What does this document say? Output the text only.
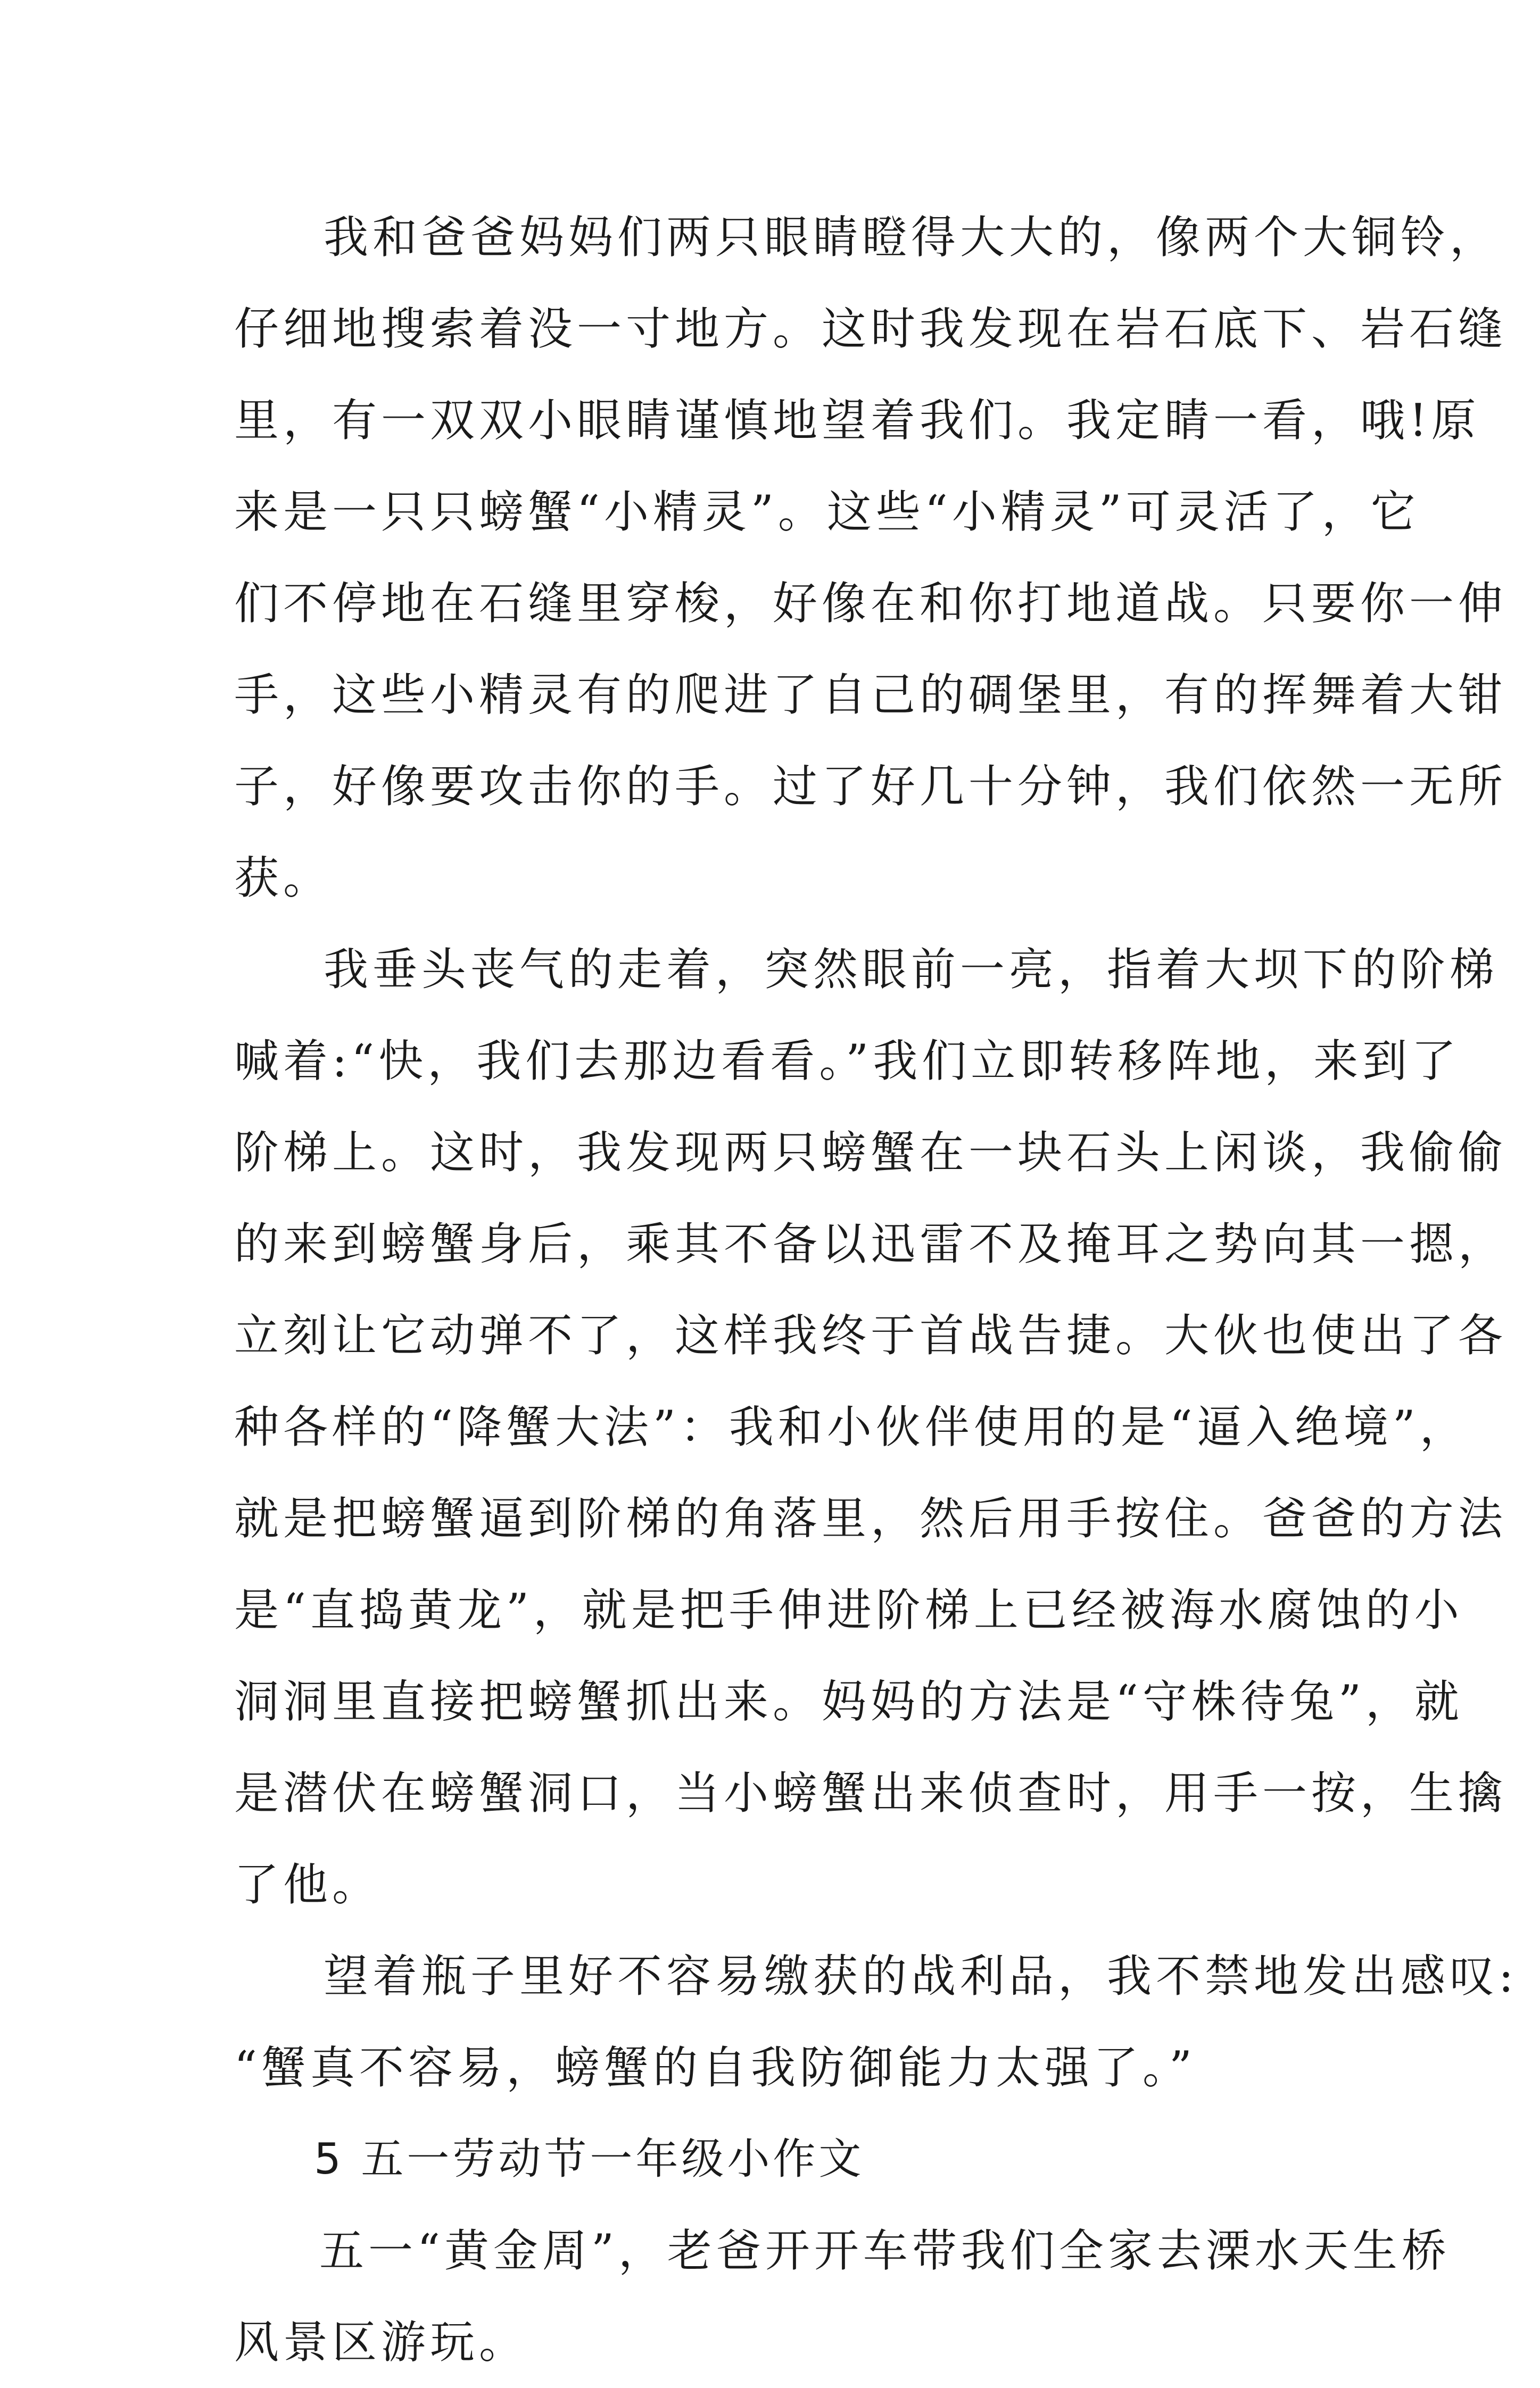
我和爸爸妈妈们两只眼睛瞪得大大的，像两个大铜铃，
仔细地搜索着没一寸地方。这时我发现在岩石底下、岩石缝
里，有一双双小眼睛谨慎地望着我们。我定睛一看，哦!原
来是一只只螃蟹“小精灵”。这些“小精灵”可灵活了，它
们不停地在石缝里穿梭，好像在和你打地道战。只要你一伸
手，这些小精灵有的爬进了自己的碉堡里，有的挥舞着大钳
子，好像要攻击你的手。过了好几十分钟，我们依然一无所
获。
我垂头丧气的走着，突然眼前一亮，指着大坝下的阶梯
喊着:“快，我们去那边看看。”我们立即转移阵地，来到了
阶梯上。这时，我发现两只螃蟹在一块石头上闲谈，我偷偷
的来到螃蟹身后，乘其不备以迅雷不及掩耳之势向其一摁，
立刻让它动弹不了，这样我终于首战告捷。大伙也使出了各
种各样的“降蟹大法”：我和小伙伴使用的是“逼入绝境”，
就是把螃蟹逼到阶梯的角落里，然后用手按住。爸爸的方法
是“直捣黄龙”，就是把手伸进阶梯上已经被海水腐蚀的小
洞洞里直接把螃蟹抓出来。妈妈的方法是“守株待兔”，就
是潜伏在螃蟹洞口，当小螃蟹出来侦查时，用手一按，生擒
了他。
望着瓶子里好不容易缴获的战利品，我不禁地发出感叹:
“蟹真不容易，螃蟹的自我防御能力太强了。”
5 五一劳动节一年级小作文
五一“黄金周”，老爸开开车带我们全家去溧水天生桥
风景区游玩。
